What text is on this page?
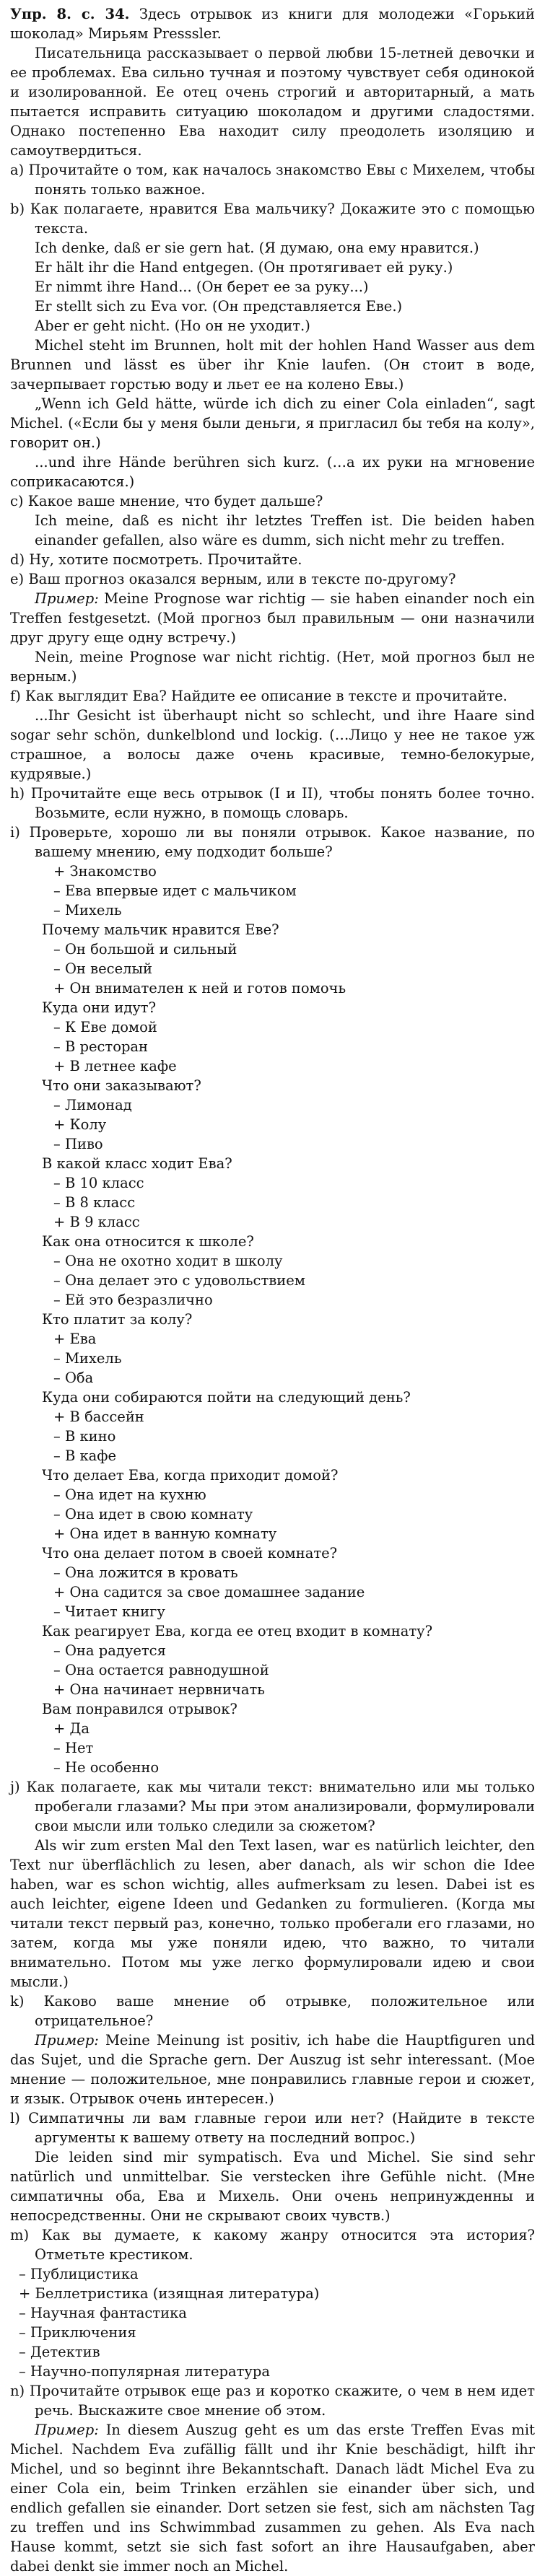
Упр. 8. с. 34. Здесь отрывок из книги для молодежи «Горький шоколад» Мирьям Presssler.

Писательница рассказывает о первой любви 15-летней девочки и ее проблемах. Ева сильно тучная и поэтому чувствует себя одинокой и изолированной. Ее отец очень строгий и авторитарный, а мать пытается исправить ситуацию шоколадом и другими сладостями. Однако постепенно Ева находит силу преодолеть изоляцию и самоутвердиться.

a) Прочитайте о том, как началось знакомство Евы с Михелем, чтобы понять только важное.

b) Как полагаете, нравится Ева мальчику? Докажите это с помощью текста.

Ich denke, daß er sie gern hat. (Я думаю, она ему нравится.)

Er hält ihr die Hand entgegen. (Он протягивает ей руку.)

Er nimmt ihre Hand... (Он берет ее за руку...)

Er stellt sich zu Eva vor. (Он представляется Еве.)

Aber er geht nicht. (Но он не уходит.)

Michel steht im Brunnen, holt mit der hohlen Hand Wasser aus dem Brunnen und lässt es über ihr Knie laufen. (Он стоит в воде, зачерпывает горстью воду и льет ее на колено Евы.)

„Wenn ich Geld hätte, würde ich dich zu einer Cola einladen“, sagt Michel. («Если бы у меня были деньги, я пригласил бы тебя на колу», говорит он.)

...und ihre Hände berühren sich kurz. (…а их руки на мгновение соприкасаются.)

c) Какое ваше мнение, что будет дальше?

Ich meine, daß es nicht ihr letztes Treffen ist. Die beiden haben einander gefallen, also wäre es dumm, sich nicht mehr zu treffen.

d) Ну, хотите посмотреть. Прочитайте.

e) Ваш прогноз оказался верным, или в тексте по-другому?

Пример: Meine Prognose war richtig — sie haben einander noch ein Treffen festgesetzt. (Мой прогноз был правильным — они назначили друг другу еще одну встречу.)

Nein, meine Prognose war nicht richtig. (Нет, мой прогноз был не верным.)

f) Как выглядит Ева? Найдите ее описание в тексте и прочитайте.

...Ihr Gesicht ist überhaupt nicht so schlecht, und ihre Haare sind sogar sehr schön, dunkelblond und lockig. (…Лицо у нее не такое уж страшное, а волосы даже очень красивые, темно-белокурые, кудрявые.)

h) Прочитайте еще весь отрывок (I и II), чтобы понять более точно. Возьмите, если нужно, в помощь словарь.

i) Проверьте, хорошо ли вы поняли отрывок. Какое название, по вашему мнению, ему подходит больше?

+ Знакомство

– Ева впервые идет с мальчиком

– Михель

Почему мальчик нравится Еве?

– Он большой и сильный

– Он веселый

+ Он внимателен к ней и готов помочь

Куда они идут?

– К Еве домой

– В ресторан

+ В летнее кафе

Что они заказывают?

– Лимонад

+ Колу

– Пиво

В какой класс ходит Ева?

– В 10 класс

– В 8 класс

+ В 9 класс

Как она относится к школе?

– Она не охотно ходит в школу

– Она делает это с удовольствием

– Ей это безразлично

Кто платит за колу?

+ Ева

– Михель

– Оба

Куда они собираются пойти на следующий день?

+ В бассейн

– В кино

– В кафе

Что делает Ева, когда приходит домой?

– Она идет на кухню

– Она идет в свою комнату

+ Она идет в ванную комнату

Что она делает потом в своей комнате?

– Она ложится в кровать

+ Она садится за свое домашнее задание

– Читает книгу

Как реагирует Ева, когда ее отец входит в комнату?

– Она радуется

– Она остается равнодушной

+ Она начинает нервничать

Вам понравился отрывок?

+ Да

– Нет

– Не особенно

j) Как полагаете, как мы читали текст: внимательно или мы только пробегали глазами? Мы при этом анализировали, формулировали свои мысли или только следили за сюжетом?

Als wir zum ersten Mal den Text lasen, war es natürlich leichter, den Text nur überflächlich zu lesen, aber danach, als wir schon die Idee haben, war es schon wichtig, alles aufmerksam zu lesen. Dabei ist es auch leichter, eigene Ideen und Gedanken zu formulieren. (Когда мы читали текст первый раз, конечно, только пробегали его глазами, но затем, когда мы уже поняли идею, что важно, то читали внимательно. Потом мы уже легко формулировали идею и свои мысли.)

k) Каково ваше мнение об отрывке, положительное или отрицательное?

Пример: Meine Meinung ist positiv, ich habe die Hauptfiguren und das Sujet, und die Sprache gern. Der Auszug ist sehr interessant. (Мое мнение — положительное, мне понравились главные герои и сюжет, и язык. Отрывок очень интересен.)

l) Симпатичны ли вам главные герои или нет? (Найдите в тексте аргументы к вашему ответу на последний вопрос.)

Die leiden sind mir sympatisch. Eva und Michel. Sie sind sehr natürlich und unmittelbar. Sie verstecken ihre Gefühle nicht. (Мне симпатичны оба, Ева и Михель. Они очень непринужденны и непосредственны. Они не скрывают своих чувств.)

m) Как вы думаете, к какому жанру относится эта история? Отметьте крестиком.

– Публицистика

+ Беллетристика (изящная литература)

– Научная фантастика

– Приключения

– Детектив

– Научно-популярная литература

n) Прочитайте отрывок еще раз и коротко скажите, о чем в нем идет речь. Выскажите свое мнение об этом.

Пример: In diesem Auszug geht es um das erste Treffen Evas mit Michel. Nachdem Eva zufällig fällt und ihr Knie beschädigt, hilft ihr Michel, und so beginnt ihre Bekanntschaft. Danach lädt Michel Eva zu einer Cola ein, beim Trinken erzählen sie einander über sich, und endlich gefallen sie einander. Dort setzen sie fest, sich am nächsten Tag zu treffen und ins Schwimmbad zusammen zu gehen. Als Eva nach Hause kommt, setzt sie sich fast sofort an ihre Hausaufgaben, aber dabei denkt sie immer noch an Michel.
